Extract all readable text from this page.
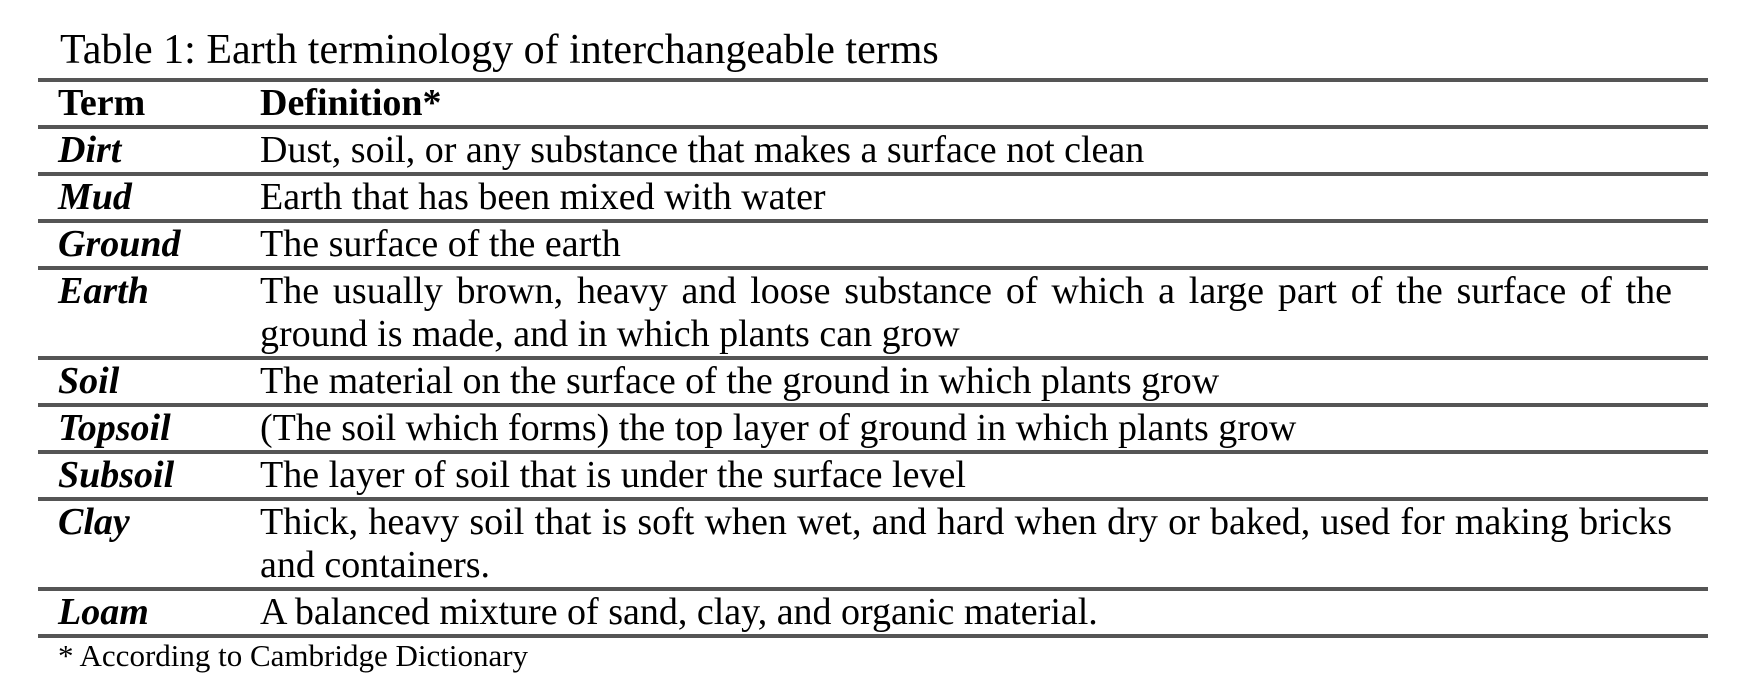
Table 1: Earth terminology of interchangeable terms
Term	Definition*
Dirt	Dust, soil, or any substance that makes a surface not clean
Mud	Earth that has been mixed with water
Ground	The surface of the earth
Earth	The usually brown, heavy and loose substance of which a large part of the surface of the ground is made, and in which plants can grow
Soil	The material on the surface of the ground in which plants grow
Topsoil	(The soil which forms) the top layer of ground in which plants grow
Subsoil	The layer of soil that is under the surface level
Clay	Thick, heavy soil that is soft when wet, and hard when dry or baked, used for making bricks and containers.
Loam	A balanced mixture of sand, clay, and organic material.
* According to Cambridge Dictionary
